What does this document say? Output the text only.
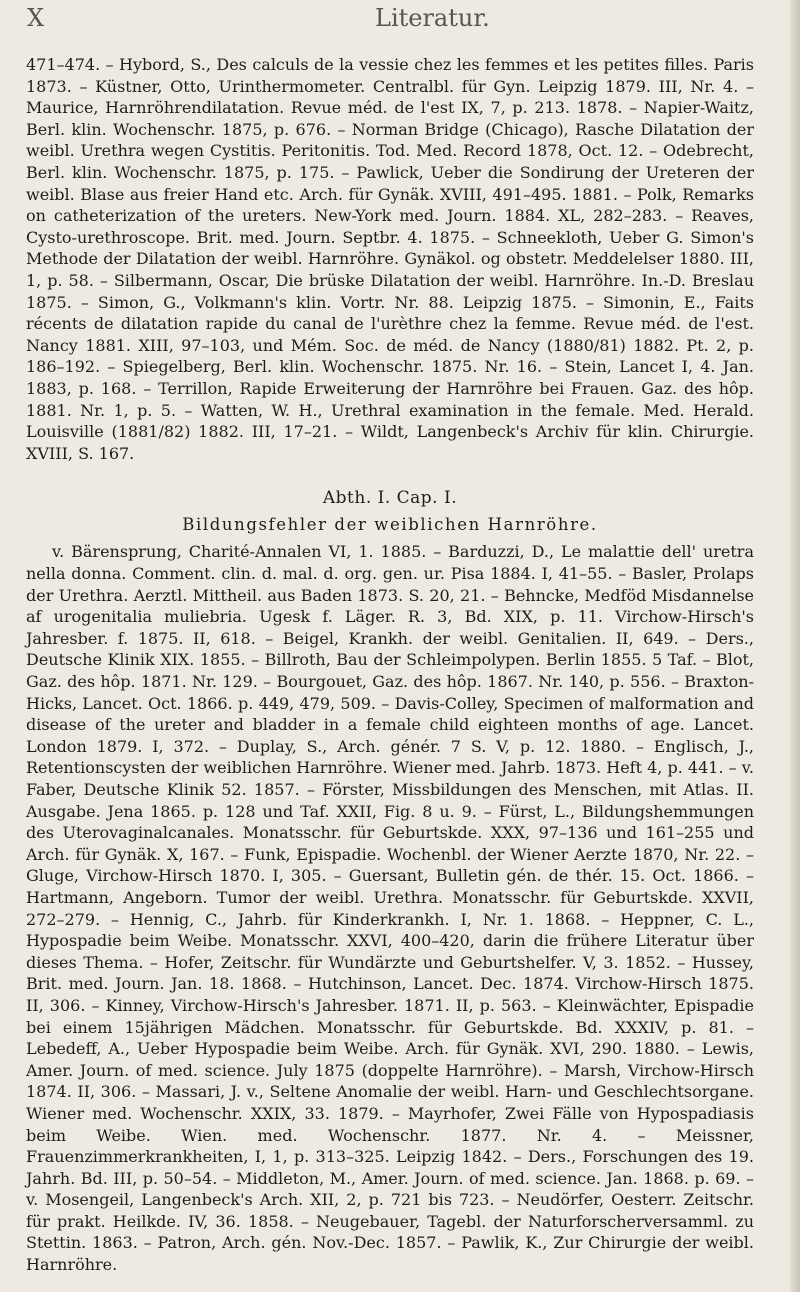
X	Literatur.

471–474. – Hybord, S., Des calculs de la vessie chez les femmes et les petites filles. Paris 1873. – Küstner, Otto, Urinthermometer. Centralbl. für Gyn. Leipzig 1879. III, Nr. 4. – Maurice, Harnröhrendilatation. Revue méd. de l'est IX, 7, p. 213. 1878. – Napier-Waitz, Berl. klin. Wochenschr. 1875, p. 676. – Norman Bridge (Chicago), Rasche Dilatation der weibl. Urethra wegen Cystitis. Peritonitis. Tod. Med. Record 1878, Oct. 12. – Odebrecht, Berl. klin. Wochenschr. 1875, p. 175. – Pawlick, Ueber die Sondirung der Ureteren der weibl. Blase aus freier Hand etc. Arch. für Gynäk. XVIII, 491–495. 1881. – Polk, Remarks on catheterization of the ureters. New-York med. Journ. 1884. XL, 282–283. – Reaves, Cysto-urethroscope. Brit. med. Journ. Septbr. 4. 1875. – Schneekloth, Ueber G. Simon's Methode der Dilatation der weibl. Harnröhre. Gynäkol. og obstetr. Meddelelser 1880. III, 1, p. 58. – Silbermann, Oscar, Die brüske Dilatation der weibl. Harnröhre. In.-D. Breslau 1875. – Simon, G., Volkmann's klin. Vortr. Nr. 88. Leipzig 1875. – Simonin, E., Faits récents de dilatation rapide du canal de l'urèthre chez la femme. Revue méd. de l'est. Nancy 1881. XIII, 97–103, und Mém. Soc. de méd. de Nancy (1880/81) 1882. Pt. 2, p. 186–192. – Spiegelberg, Berl. klin. Wochenschr. 1875. Nr. 16. – Stein, Lancet I, 4. Jan. 1883, p. 168. – Terrillon, Rapide Erweiterung der Harnröhre bei Frauen. Gaz. des hôp. 1881. Nr. 1, p. 5. – Watten, W. H., Urethral examination in the female. Med. Herald. Louisville (1881/82) 1882. III, 17–21. – Wildt, Langenbeck's Archiv für klin. Chirurgie. XVIII, S. 167.

Abth. I. Cap. I.
Bildungsfehler der weiblichen Harnröhre.

v. Bärensprung, Charité-Annalen VI, 1. 1885. – Barduzzi, D., Le malattie dell' uretra nella donna. Comment. clin. d. mal. d. org. gen. ur. Pisa 1884. I, 41–55. – Basler, Prolaps der Urethra. Aerztl. Mittheil. aus Baden 1873. S. 20, 21. – Behncke, Medföd Misdannelse af urogenitalia muliebria. Ugesk f. Läger. R. 3, Bd. XIX, p. 11. Virchow-Hirsch's Jahresber. f. 1875. II, 618. – Beigel, Krankh. der weibl. Genitalien. II, 649. – Ders., Deutsche Klinik XIX. 1855. – Billroth, Bau der Schleimpolypen. Berlin 1855. 5 Taf. – Blot, Gaz. des hôp. 1871. Nr. 129. – Bourgouet, Gaz. des hôp. 1867. Nr. 140, p. 556. – Braxton-Hicks, Lancet. Oct. 1866. p. 449, 479, 509. – Davis-Colley, Specimen of malformation and disease of the ureter and bladder in a female child eighteen months of age. Lancet. London 1879. I, 372. – Duplay, S., Arch. génér. 7 S. V, p. 12. 1880. – Englisch, J., Retentionscysten der weiblichen Harnröhre. Wiener med. Jahrb. 1873. Heft 4, p. 441. – v. Faber, Deutsche Klinik 52. 1857. – Förster, Missbildungen des Menschen, mit Atlas. II. Ausgabe. Jena 1865. p. 128 und Taf. XXII, Fig. 8 u. 9. – Fürst, L., Bildungshemmungen des Uterovaginalcanales. Monatsschr. für Geburtskde. XXX, 97–136 und 161–255 und Arch. für Gynäk. X, 167. – Funk, Epispadie. Wochenbl. der Wiener Aerzte 1870, Nr. 22. – Gluge, Virchow-Hirsch 1870. I, 305. – Guersant, Bulletin gén. de thér. 15. Oct. 1866. – Hartmann, Angeborn. Tumor der weibl. Urethra. Monatsschr. für Geburtskde. XXVII, 272–279. – Hennig, C., Jahrb. für Kinderkrankh. I, Nr. 1. 1868. – Heppner, C. L., Hypospadie beim Weibe. Monatsschr. XXVI, 400–420, darin die frühere Literatur über dieses Thema. – Hofer, Zeitschr. für Wundärzte und Geburtshelfer. V, 3. 1852. – Hussey, Brit. med. Journ. Jan. 18. 1868. – Hutchinson, Lancet. Dec. 1874. Virchow-Hirsch 1875. II, 306. – Kinney, Virchow-Hirsch's Jahresber. 1871. II, p. 563. – Kleinwächter, Epispadie bei einem 15jährigen Mädchen. Monatsschr. für Geburtskde. Bd. XXXIV, p. 81. – Lebedeff, A., Ueber Hypospadie beim Weibe. Arch. für Gynäk. XVI, 290. 1880. – Lewis, Amer. Journ. of med. science. July 1875 (doppelte Harnröhre). – Marsh, Virchow-Hirsch 1874. II, 306. – Massari, J. v., Seltene Anomalie der weibl. Harn- und Geschlechtsorgane. Wiener med. Wochenschr. XXIX, 33. 1879. – Mayrhofer, Zwei Fälle von Hypospadiasis beim Weibe. Wien. med. Wochenschr. 1877. Nr. 4. – Meissner, Frauenzimmerkrankheiten, I, 1, p. 313–325. Leipzig 1842. – Ders., Forschungen des 19. Jahrh. Bd. III, p. 50–54. – Middleton, M., Amer. Journ. of med. science. Jan. 1868. p. 69. – v. Mosengeil, Langenbeck's Arch. XII, 2, p. 721 bis 723. – Neudörfer, Oesterr. Zeitschr. für prakt. Heilkde. IV, 36. 1858. – Neugebauer, Tagebl. der Naturforscherversamml. zu Stettin. 1863. – Patron, Arch. gén. Nov.-Dec. 1857. – Pawlik, K., Zur Chirurgie der weibl. Harnröhre.
